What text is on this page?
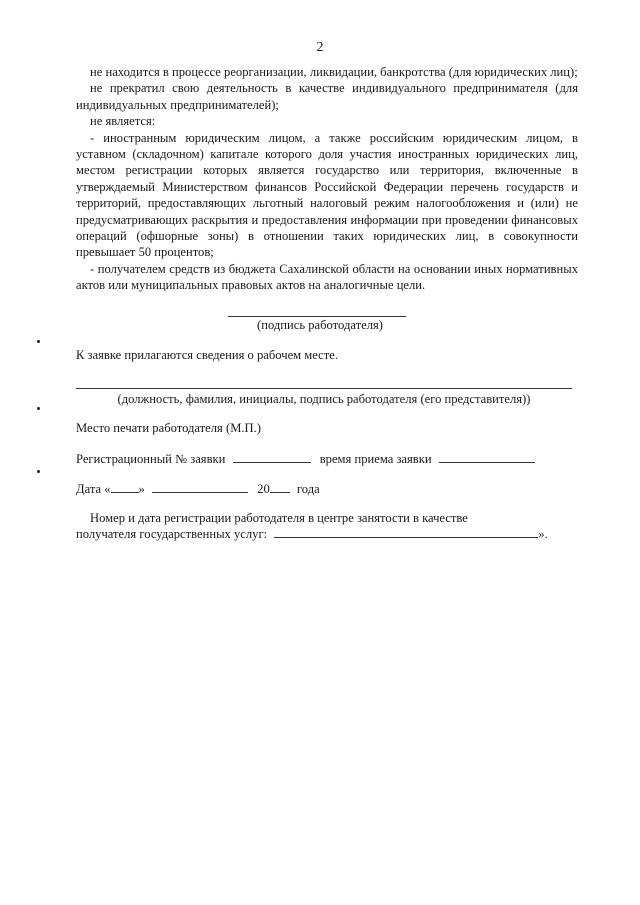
2

не находится в процессе реорганизации, ликвидации, банкротства (для юридических лиц);

не прекратил свою деятельность в качестве индивидуального предпринимателя (для индивидуальных предпринимателей);

не является:

- иностранным юридическим лицом, а также российским юридическим лицом, в уставном (складочном) капитале которого доля участия иностранных юридических лиц, местом регистрации которых является государство или территория, включенные в утверждаемый Министерством финансов Российской Федерации перечень государств и территорий, предоставляющих льготный налоговый режим налогообложения и (или) не предусматривающих раскрытия и предоставления информации при проведении финансовых операций (офшорные зоны) в отношении таких юридических лиц, в совокупности превышает 50 процентов;

- получателем средств из бюджета Сахалинской области на основании иных нормативных актов или муниципальных правовых актов на аналогичные цели.

(подпись работодателя)
К заявке прилагаются сведения о рабочем месте.
(должность, фамилия, инициалы, подпись работодателя (его представителя))
Место печати работодателя (М.П.)
Регистрационный № заявки	время приема заявки
Дата « »	20 года
Номер и дата регистрации работодателя в центре занятости в качестве
получателя государственных услуг:	».
